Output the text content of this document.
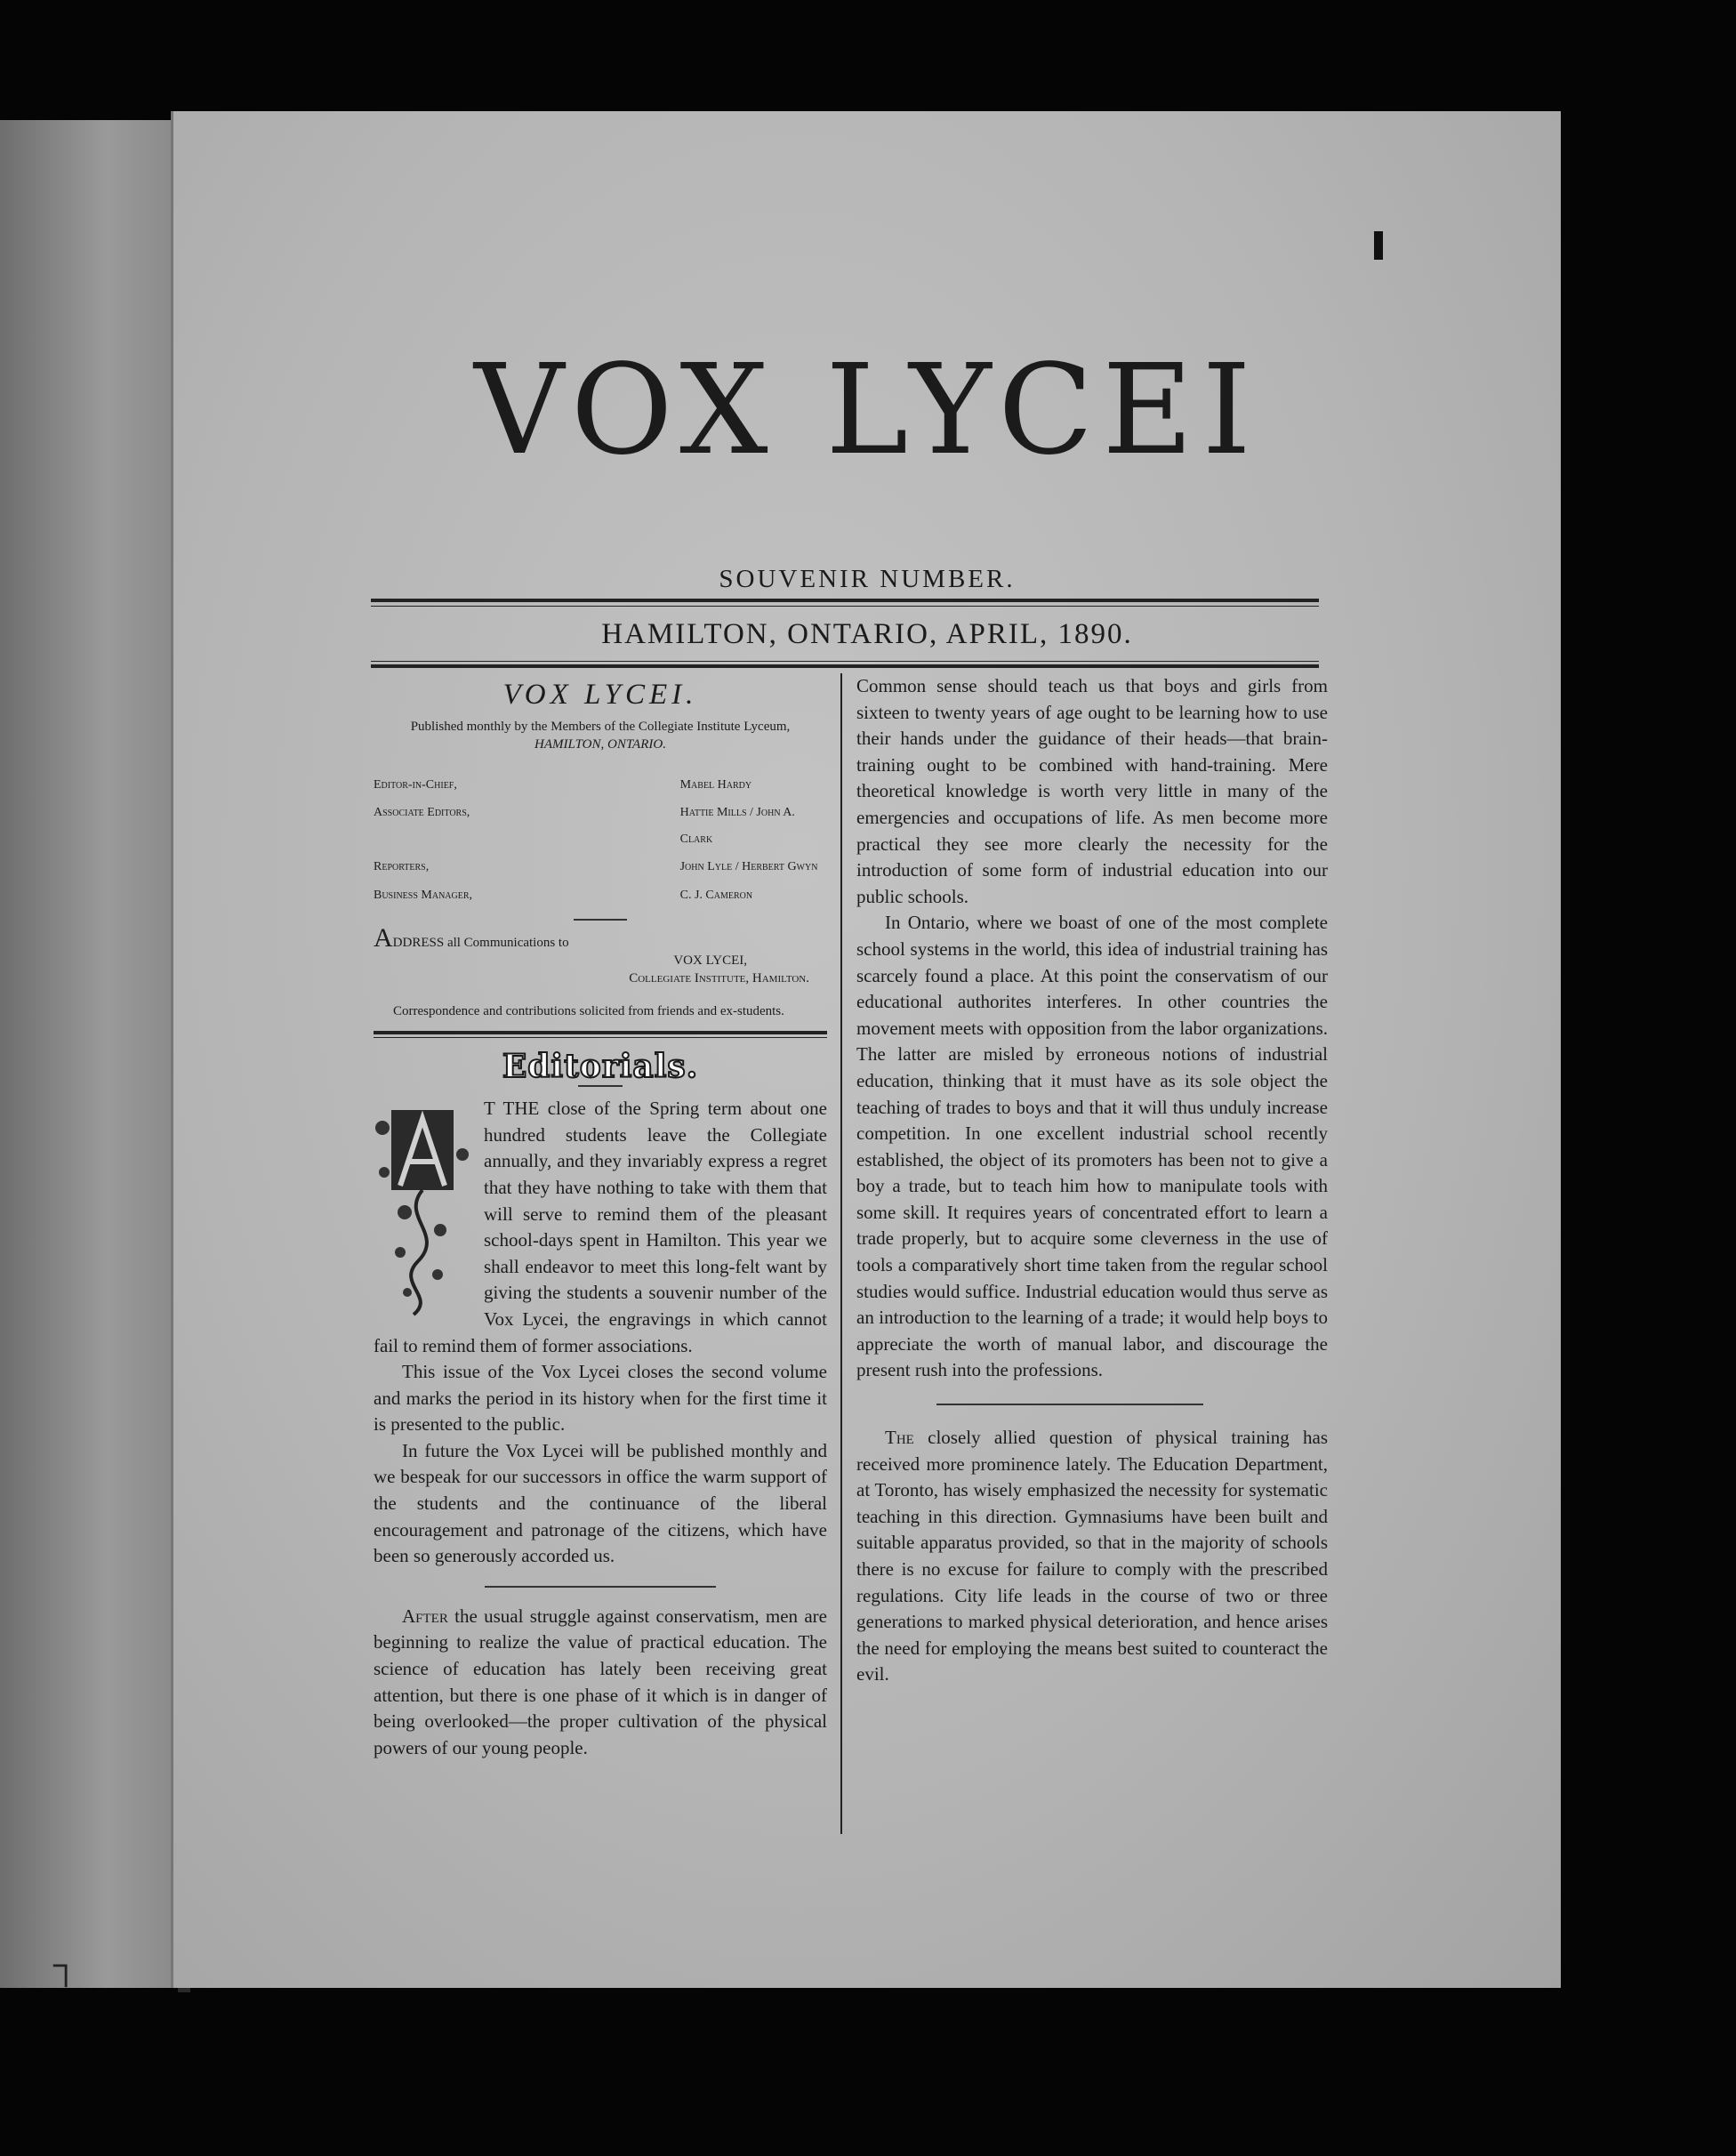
┐
VOX LYCEI
SOUVENIR NUMBER.
HAMILTON, ONTARIO, APRIL, 1890.
VOX LYCEI.
Published monthly by the Members of the Collegiate Institute Lyceum,
HAMILTON, ONTARIO.
Editor-in-Chief,	Mabel Hardy
Associate Editors,	Hattie Mills / John A. Clark
Reporters,	John Lyle / Herbert Gwyn
Business Manager,	C. J. Cameron
ADDRESS all Communications to
VOX LYCEI,
Collegiate Institute, Hamilton.
Correspondence and contributions solicited from friends and ex-students.
Editorials.

T THE close of the Spring term about one hundred students leave the Collegiate annually, and they invariably express a regret that they have nothing to take with them that will serve to remind them of the pleasant school-days spent in Hamilton. This year we shall endeavor to meet this long-felt want by giving the students a souvenir number of the Vox Lycei, the engravings in which cannot fail to remind them of former associations.

This issue of the Vox Lycei closes the second volume and marks the period in its history when for the first time it is presented to the public.

In future the Vox Lycei will be published monthly and we bespeak for our successors in office the warm support of the students and the continuance of the liberal encouragement and patronage of the citizens, which have been so generously accorded us.

After the usual struggle against conservatism, men are beginning to realize the value of practical education. The science of education has lately been receiving great attention, but there is one phase of it which is in danger of being overlooked—the proper cultivation of the physical powers of our young people.

Common sense should teach us that boys and girls from sixteen to twenty years of age ought to be learning how to use their hands under the guidance of their heads—that brain-training ought to be combined with hand-training. Mere theoretical knowledge is worth very little in many of the emergencies and occupations of life. As men become more practical they see more clearly the necessity for the introduction of some form of industrial education into our public schools.

In Ontario, where we boast of one of the most complete school systems in the world, this idea of industrial training has scarcely found a place. At this point the conservatism of our educational authorites interferes. In other countries the movement meets with opposition from the labor organizations. The latter are misled by erroneous notions of industrial education, thinking that it must have as its sole object the teaching of trades to boys and that it will thus unduly increase competition. In one excellent industrial school recently established, the object of its promoters has been not to give a boy a trade, but to teach him how to manipulate tools with some skill. It requires years of concentrated effort to learn a trade properly, but to acquire some cleverness in the use of tools a comparatively short time taken from the regular school studies would suffice. Industrial education would thus serve as an introduction to the learning of a trade; it would help boys to appreciate the worth of manual labor, and discourage the present rush into the professions.

The closely allied question of physical training has received more prominence lately. The Education Department, at Toronto, has wisely emphasized the necessity for systematic teaching in this direction. Gymnasiums have been built and suitable apparatus provided, so that in the majority of schools there is no excuse for failure to comply with the prescribed regulations. City life leads in the course of two or three generations to marked physical deterioration, and hence arises the need for employing the means best suited to counteract the evil.
